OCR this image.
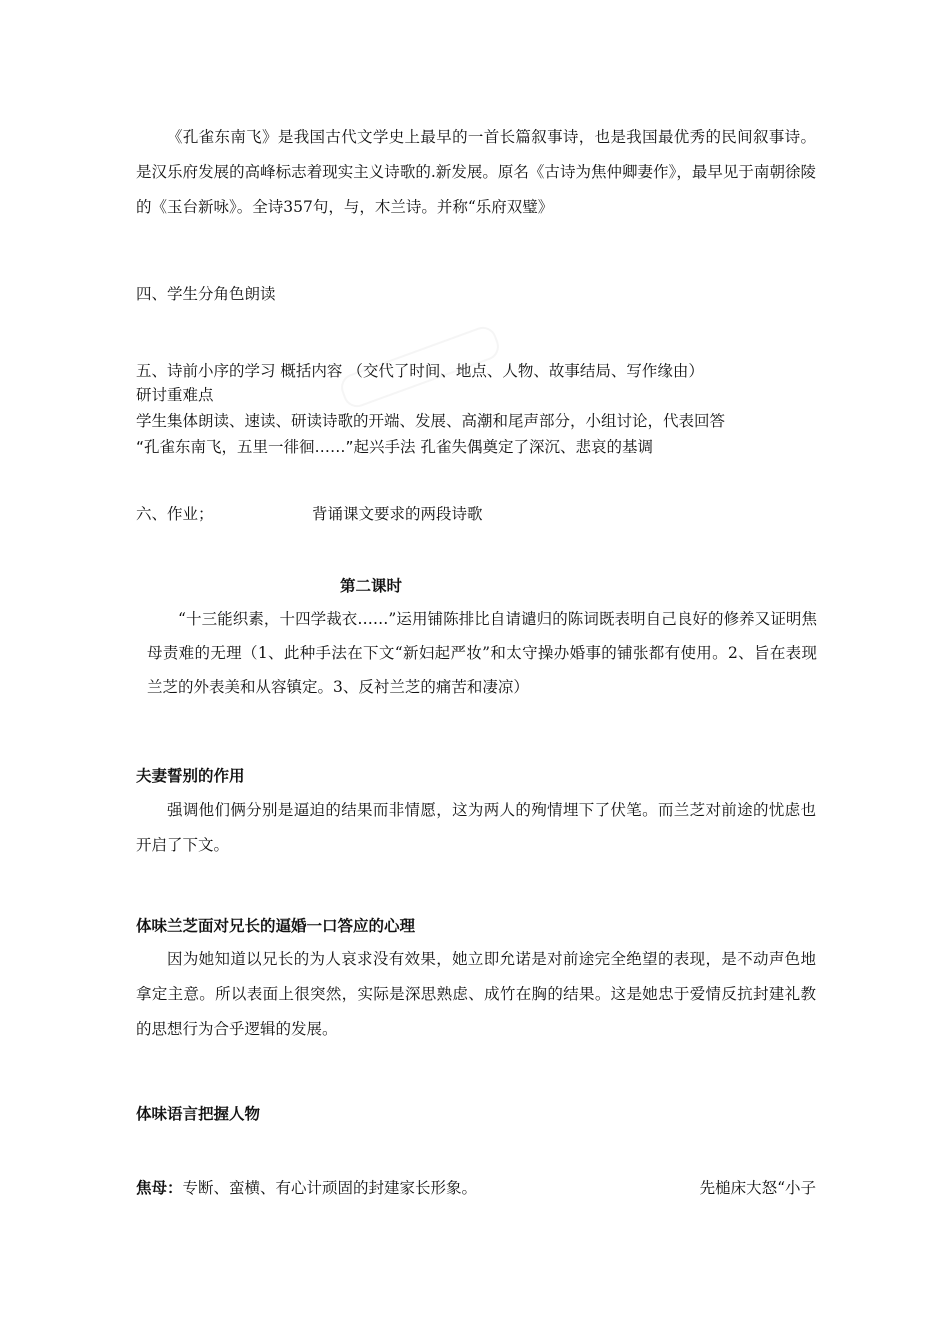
《孔雀东南飞》是我国古代文学史上最早的一首长篇叙事诗，也是我国最优秀的民间叙事诗。是汉乐府发展的高峰标志着现实主义诗歌的.新发展。原名《古诗为焦仲卿妻作》，最早见于南朝徐陵的《玉台新咏》。全诗357句，与，木兰诗。并称“乐府双璧》
四、学生分角色朗读
五、诗前小序的学习 概括内容 （交代了时间、地点、人物、故事结局、写作缘由）
研讨重难点
学生集体朗读、速读、研读诗歌的开端、发展、高潮和尾声部分，小组讨论，代表回答
“孔雀东南飞，五里一徘徊……”起兴手法 孔雀失偶奠定了深沉、悲哀的基调
六、作业；	背诵课文要求的两段诗歌
第二课时
“十三能织素，十四学裁衣……”运用铺陈排比自请谴归的陈词既表明自己良好的修养又证明焦母责难的无理（1、此种手法在下文“新妇起严妆”和太守操办婚事的铺张都有使用。2、旨在表现兰芝的外表美和从容镇定。3、反衬兰芝的痛苦和凄凉）
夫妻誓别的作用
强调他们俩分别是逼迫的结果而非情愿，这为两人的殉情埋下了伏笔。而兰芝对前途的忧虑也开启了下文。
体味兰芝面对兄长的逼婚一口答应的心理
因为她知道以兄长的为人哀求没有效果，她立即允诺是对前途完全绝望的表现，是不动声色地拿定主意。所以表面上很突然，实际是深思熟虑、成竹在胸的结果。这是她忠于爱情反抗封建礼教的思想行为合乎逻辑的发展。
体味语言把握人物
焦母：专断、蛮横、有心计顽固的封建家长形象。	先槌床大怒“小子
